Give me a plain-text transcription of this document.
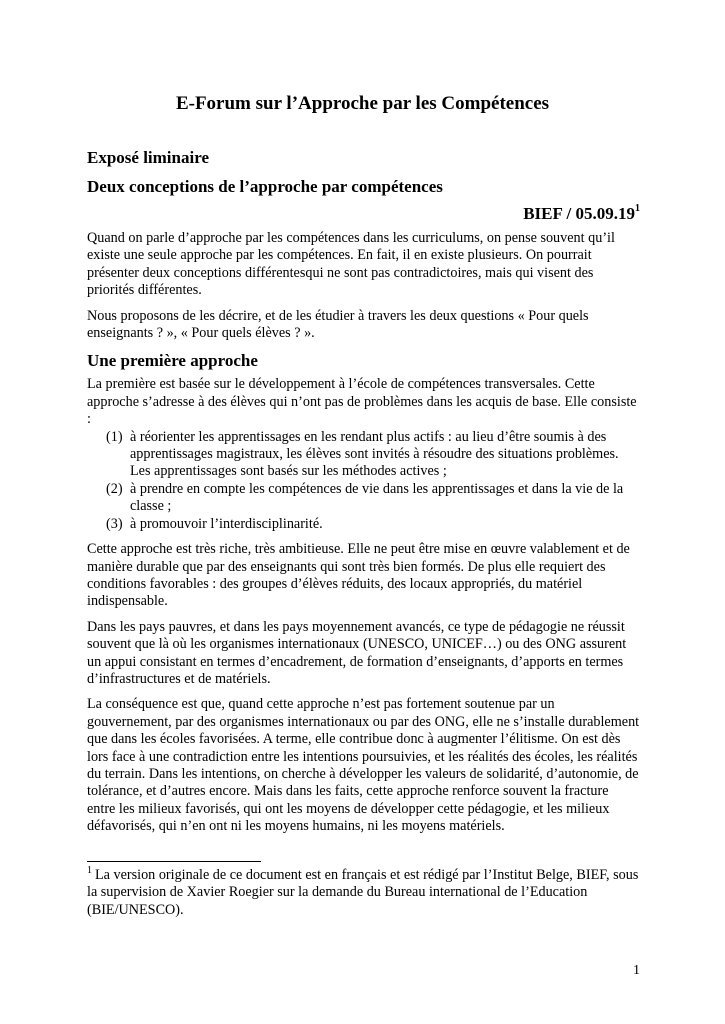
E-Forum sur l’Approche par les Compétences
Exposé liminaire
Deux conceptions de l’approche par compétences
BIEF / 05.09.19$^1$

Quand on parle d’approche par les compétences dans les curriculums, on pense souvent qu’il existe une seule approche par les compétences. En fait, il en existe plusieurs. On pourrait présenter deux conceptions différentesqui ne sont pas contradictoires, mais qui visent des priorités différentes.

Nous proposons de les décrire, et de les étudier à travers les deux questions « Pour quels enseignants ? », « Pour quels élèves ? ».

Une première approche
La première est basée sur le développement à l’école de compétences transversales. Cette approche s’adresse à des élèves qui n’ont pas de problèmes dans les acquis de base. Elle consiste :
(1) à réorienter les apprentissages en les rendant plus actifs : au lieu d’être soumis à des apprentissages magistraux, les élèves sont invités à résoudre des situations problèmes. Les apprentissages sont basés sur les méthodes actives ;
(2) à prendre en compte les compétences de vie dans les apprentissages et dans la vie de la classe ;
(3) à promouvoir l’interdisciplinarité.

Cette approche est très riche, très ambitieuse. Elle ne peut être mise en œuvre valablement et de manière durable que par des enseignants qui sont très bien formés. De plus elle requiert des conditions favorables : des groupes d’élèves réduits, des locaux appropriés, du matériel indispensable.

Dans les pays pauvres, et dans les pays moyennement avancés, ce type de pédagogie ne réussit souvent que là où les organismes internationaux (UNESCO, UNICEF…) ou des ONG assurent un appui consistant en termes d’encadrement, de formation d’enseignants, d’apports en termes d’infrastructures et de matériels.

La conséquence est que, quand cette approche n’est pas fortement soutenue par un gouvernement, par des organismes internationaux ou par des ONG, elle ne s’installe durablement que dans les écoles favorisées. A terme, elle contribue donc à augmenter l’élitisme. On est dès lors face à une contradiction entre les intentions poursuivies, et les réalités des écoles, les réalités du terrain. Dans les intentions, on cherche à développer les valeurs de solidarité, d’autonomie, de tolérance, et d’autres encore. Mais dans les faits, cette approche renforce souvent la fracture entre les milieux favorisés, qui ont les moyens de développer cette pédagogie, et les milieux défavorisés, qui n’en ont ni les moyens humains, ni les moyens matériels.

$^1$ La version originale de ce document est en français et est rédigé par l’Institut Belge, BIEF, sous la supervision de Xavier Roegier sur la demande du Bureau international de l’Education (BIE/UNESCO).
1
